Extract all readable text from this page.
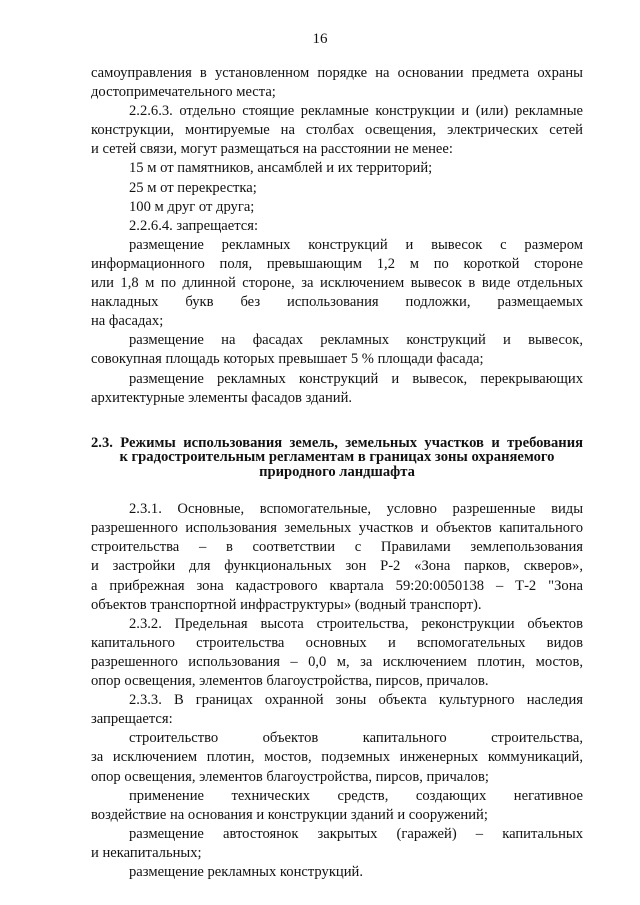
16

самоуправления в установленном порядке на основании предмета охраны
достопримечательного места;

2.2.6.3. отдельно стоящие рекламные конструкции и (или) рекламные
конструкции, монтируемые на столбах освещения, электрических сетей
и сетей связи, могут размещаться на расстоянии не менее:

15 м от памятников, ансамблей и их территорий;

25 м от перекрестка;

100 м друг от друга;

2.2.6.4. запрещается:

размещение рекламных конструкций и вывесок с размером
информационного поля, превышающим 1,2 м по короткой стороне
или 1,8 м по длинной стороне, за исключением вывесок в виде отдельных
накладных букв без использования подложки, размещаемых
на фасадах;

размещение на фасадах рекламных конструкций и вывесок,
совокупная площадь которых превышает 5 % площади фасада;

размещение рекламных конструкций и вывесок, перекрывающих
архитектурные элементы фасадов зданий.

2.3. Режимы использования земель, земельных участков и требования
к градостроительным регламентам в границах зоны охраняемого
природного ландшафта

2.3.1. Основные, вспомогательные, условно разрешенные виды
разрешенного использования земельных участков и объектов капитального
строительства – в соответствии с Правилами землепользования
и застройки для функциональных зон Р-2 «Зона парков, скверов»,
а прибрежная зона кадастрового квартала 59:20:0050138 – Т-2 "Зона
объектов транспортной инфраструктуры» (водный транспорт).

2.3.2. Предельная высота строительства, реконструкции объектов
капитального строительства основных и вспомогательных видов
разрешенного использования – 0,0 м, за исключением плотин, мостов,
опор освещения, элементов благоустройства, пирсов, причалов.

2.3.3. В границах охранной зоны объекта культурного наследия
запрещается:

строительство объектов капитального строительства,
за исключением плотин, мостов, подземных инженерных коммуникаций,
опор освещения, элементов благоустройства, пирсов, причалов;

применение технических средств, создающих негативное
воздействие на основания и конструкции зданий и сооружений;

размещение автостоянок закрытых (гаражей) – капитальных
и некапитальных;

размещение рекламных конструкций.
